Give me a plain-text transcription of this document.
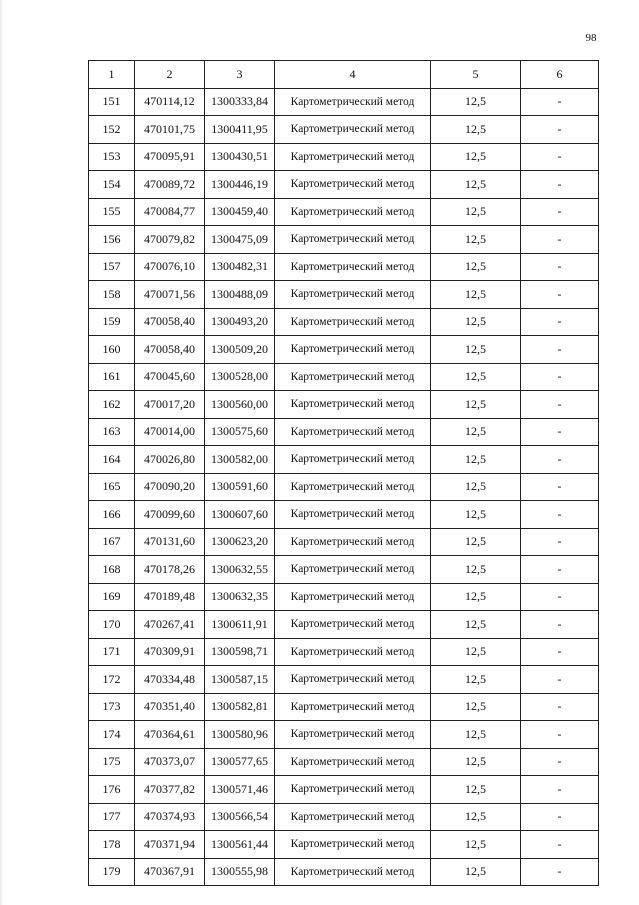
98
1	2	3	4	5	6
151	470114,12	1300333,84	Картометрический метод	12,5	-
152	470101,75	1300411,95	Картометрический метод	12,5	-
153	470095,91	1300430,51	Картометрический метод	12,5	-
154	470089,72	1300446,19	Картометрический метод	12,5	-
155	470084,77	1300459,40	Картометрический метод	12,5	-
156	470079,82	1300475,09	Картометрический метод	12,5	-
157	470076,10	1300482,31	Картометрический метод	12,5	-
158	470071,56	1300488,09	Картометрический метод	12,5	-
159	470058,40	1300493,20	Картометрический метод	12,5	-
160	470058,40	1300509,20	Картометрический метод	12,5	-
161	470045,60	1300528,00	Картометрический метод	12,5	-
162	470017,20	1300560,00	Картометрический метод	12,5	-
163	470014,00	1300575,60	Картометрический метод	12,5	-
164	470026,80	1300582,00	Картометрический метод	12,5	-
165	470090,20	1300591,60	Картометрический метод	12,5	-
166	470099,60	1300607,60	Картометрический метод	12,5	-
167	470131,60	1300623,20	Картометрический метод	12,5	-
168	470178,26	1300632,55	Картометрический метод	12,5	-
169	470189,48	1300632,35	Картометрический метод	12,5	-
170	470267,41	1300611,91	Картометрический метод	12,5	-
171	470309,91	1300598,71	Картометрический метод	12,5	-
172	470334,48	1300587,15	Картометрический метод	12,5	-
173	470351,40	1300582,81	Картометрический метод	12,5	-
174	470364,61	1300580,96	Картометрический метод	12,5	-
175	470373,07	1300577,65	Картометрический метод	12,5	-
176	470377,82	1300571,46	Картометрический метод	12,5	-
177	470374,93	1300566,54	Картометрический метод	12,5	-
178	470371,94	1300561,44	Картометрический метод	12,5	-
179	470367,91	1300555,98	Картометрический метод	12,5	-
